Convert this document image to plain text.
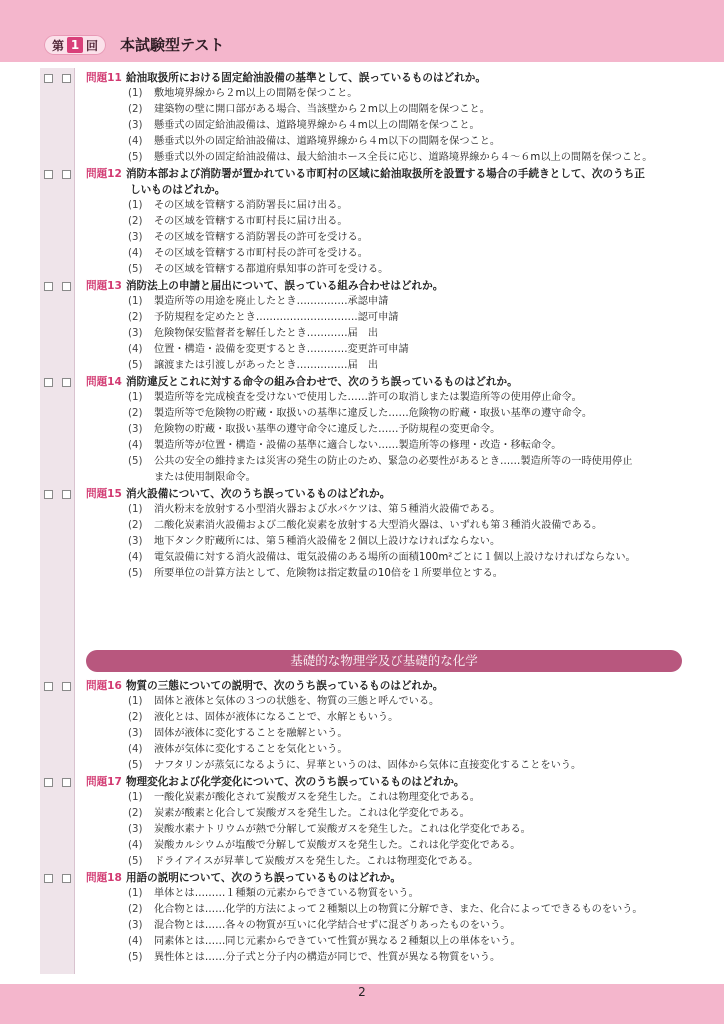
第 1 回 本試験型テスト
問題11 給油取扱所における固定給油設備の基準として、誤っているものはどれか。
(1)	敷地境界線から２m以上の間隔を保つこと。
(2)	建築物の壁に開口部がある場合、当該壁から２m以上の間隔を保つこと。
(3)	懸垂式の固定給油設備は、道路境界線から４m以上の間隔を保つこと。
(4)	懸垂式以外の固定給油設備は、道路境界線から４m以下の間隔を保つこと。
(5)	懸垂式以外の固定給油設備は、最大給油ホース全長に応じ、道路境界線から４～６m以上の間隔を保つこと。
問題12 消防本部および消防署が置かれている市町村の区域に給油取扱所を設置する場合の手続きとして、次のうち正
しいものはどれか。
(1)	その区域を管轄する消防署長に届け出る。
(2)	その区域を管轄する市町村長に届け出る。
(3)	その区域を管轄する消防署長の許可を受ける。
(4)	その区域を管轄する市町村長の許可を受ける。
(5)	その区域を管轄する都道府県知事の許可を受ける。
問題13 消防法上の申請と届出について、誤っている組み合わせはどれか。
(1)	製造所等の用途を廃止したとき……………承認申請
(2)	予防規程を定めたとき…………………………認可申請
(3)	危険物保安監督者を解任したとき…………届　出
(4)	位置・構造・設備を変更するとき…………変更許可申請
(5)	譲渡または引渡しがあったとき……………届　出
問題14 消防違反とこれに対する命令の組み合わせで、次のうち誤っているものはどれか。
(1)	製造所等を完成検査を受けないで使用した……許可の取消しまたは製造所等の使用停止命令。
(2)	製造所等で危険物の貯蔵・取扱いの基準に違反した……危険物の貯蔵・取扱い基準の遵守命令。
(3)	危険物の貯蔵・取扱い基準の遵守命令に違反した……予防規程の変更命令。
(4)	製造所等が位置・構造・設備の基準に適合しない……製造所等の修理・改造・移転命令。
(5)	公共の安全の維持または災害の発生の防止のため、緊急の必要性があるとき……製造所等の一時使用停止
または使用制限命令。
問題15 消火設備について、次のうち誤っているものはどれか。
(1)	消火粉末を放射する小型消火器および水バケツは、第５種消火設備である。
(2)	二酸化炭素消火設備および二酸化炭素を放射する大型消火器は、いずれも第３種消火設備である。
(3)	地下タンク貯蔵所には、第５種消火設備を２個以上設けなければならない。
(4)	電気設備に対する消火設備は、電気設備のある場所の面積100m²ごとに１個以上設けなければならない。
(5)	所要単位の計算方法として、危険物は指定数量の10倍を１所要単位とする。
基礎的な物理学及び基礎的な化学
問題16 物質の三態についての説明で、次のうち誤っているものはどれか。
(1)	固体と液体と気体の３つの状態を、物質の三態と呼んでいる。
(2)	液化とは、固体が液体になることで、水解ともいう。
(3)	固体が液体に変化することを融解という。
(4)	液体が気体に変化することを気化という。
(5)	ナフタリンが蒸気になるように、昇華というのは、固体から気体に直接変化することをいう。
問題17 物理変化および化学変化について、次のうち誤っているものはどれか。
(1)	一酸化炭素が酸化されて炭酸ガスを発生した。これは物理変化である。
(2)	炭素が酸素と化合して炭酸ガスを発生した。これは化学変化である。
(3)	炭酸水素ナトリウムが熱で分解して炭酸ガスを発生した。これは化学変化である。
(4)	炭酸カルシウムが塩酸で分解して炭酸ガスを発生した。これは化学変化である。
(5)	ドライアイスが昇華して炭酸ガスを発生した。これは物理変化である。
問題18 用語の説明について、次のうち誤っているものはどれか。
(1)	単体とは………１種類の元素からできている物質をいう。
(2)	化合物とは……化学的方法によって２種類以上の物質に分解でき、また、化合によってできるものをいう。
(3)	混合物とは……各々の物質が互いに化学結合せずに混ざりあったものをいう。
(4)	同素体とは……同じ元素からできていて性質が異なる２種類以上の単体をいう。
(5)	異性体とは……分子式と分子内の構造が同じで、性質が異なる物質をいう。
2
